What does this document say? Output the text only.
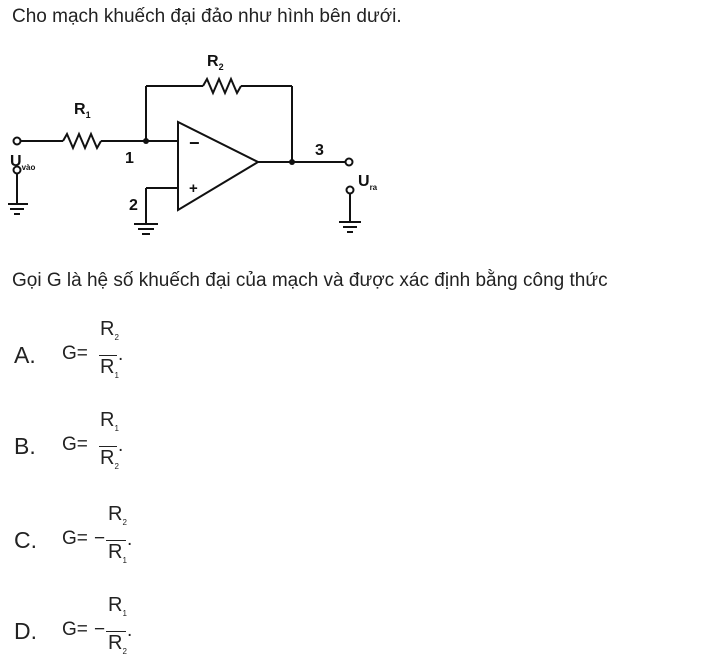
Cho mạch khuếch đại đảo như hình bên dưới.
$R_1$
$R_2$
1
2
3
−
+
$U_{vào}$
$U_{ra}$
Gọi G là hệ số khuếch đại của mạch và được xác định bằng công thức
A. G=
$R_2$
$R_1$
.
B. G=
$R_1$
$R_2$
.
C. G= −
$R_2$
$R_1$
.
D. G= −
$R_1$
$R_2$
.
